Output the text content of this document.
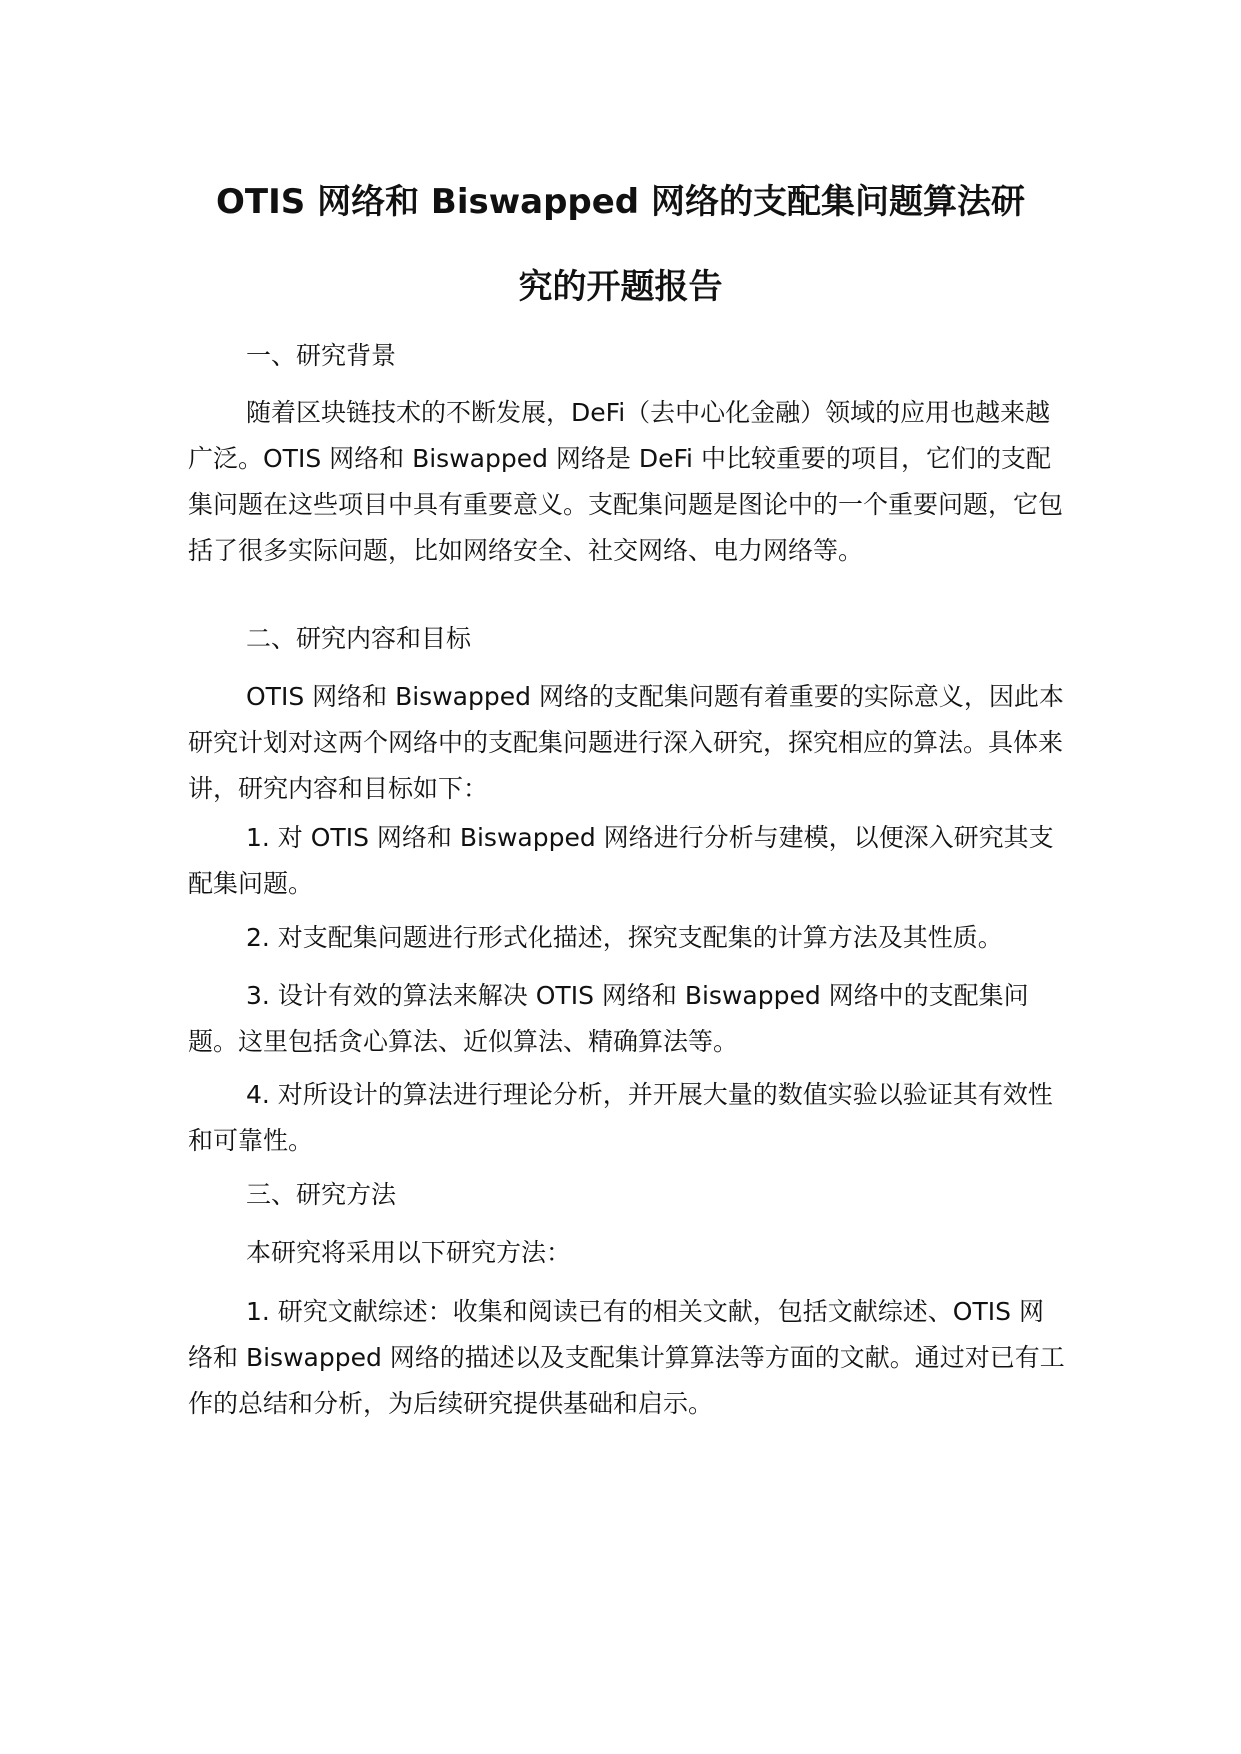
OTIS 网络和 Biswapped 网络的支配集问题算法研
究的开题报告

一、研究背景

随着区块链技术的不断发展，DeFi（去中心化金融）领域的应用也越来越广泛。OTIS 网络和 Biswapped 网络是 DeFi 中比较重要的项目，它们的支配集问题在这些项目中具有重要意义。支配集问题是图论中的一个重要问题，它包括了很多实际问题，比如网络安全、社交网络、电力网络等。

二、研究内容和目标

OTIS 网络和 Biswapped 网络的支配集问题有着重要的实际意义，因此本研究计划对这两个网络中的支配集问题进行深入研究，探究相应的算法。具体来讲，研究内容和目标如下：

1. 对 OTIS 网络和 Biswapped 网络进行分析与建模，以便深入研究其支配集问题。

2. 对支配集问题进行形式化描述，探究支配集的计算方法及其性质。

3. 设计有效的算法来解决 OTIS 网络和 Biswapped 网络中的支配集问题。这里包括贪心算法、近似算法、精确算法等。

4. 对所设计的算法进行理论分析，并开展大量的数值实验以验证其有效性和可靠性。

三、研究方法

本研究将采用以下研究方法：

1. 研究文献综述：收集和阅读已有的相关文献，包括文献综述、OTIS 网络和 Biswapped 网络的描述以及支配集计算算法等方面的文献。通过对已有工作的总结和分析，为后续研究提供基础和启示。
